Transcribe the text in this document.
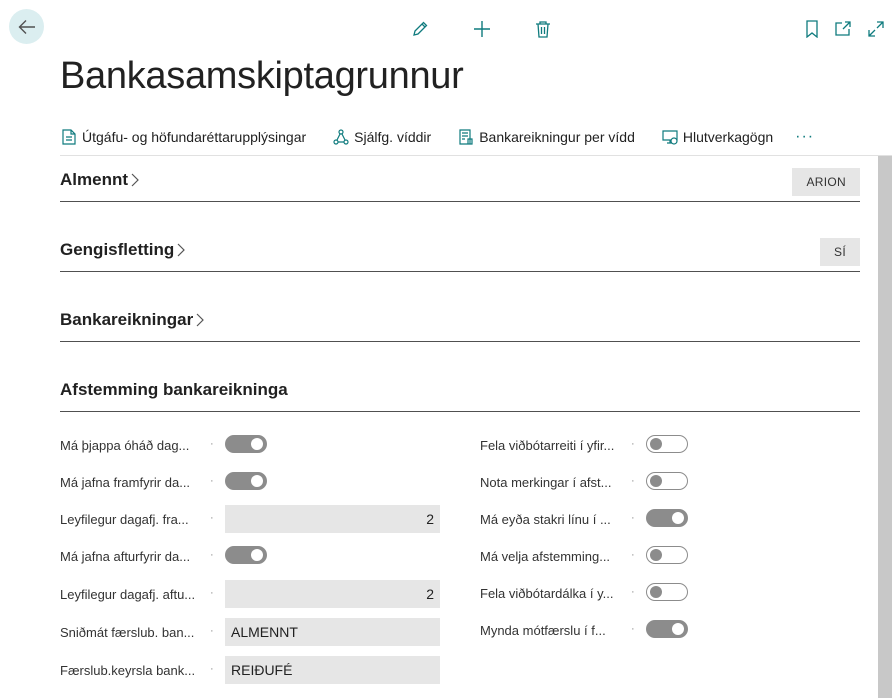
Bankasamskiptagrunnur
Útgáfu- og höfundaréttarupplýsingar	Sjálfg. víddir	Bankareikningur per vídd	Hlutverkagögn ···
Almennt	ARION
Gengisfletting	SÍ
Bankareikningar
Afstemming bankareikninga
Má þjappa óháð dag...	·
Má jafna framfyrir da...	·
Leyfilegur dagafj. fra...	·	2
Má jafna afturfyrir da...	·
Leyfilegur dagafj. aftu...	·	2
Sniðmát færslub. ban...	·	ALMENNT
Færslub.keyrsla bank...	·	REIÐUFÉ
Fela viðbótarreiti í yfir...	·
Nota merkingar í afst...	·
Má eyða stakri línu í ...	·
Má velja afstemming...	·
Fela viðbótardálka í y...	·
Mynda mótfærslu í f...	·
